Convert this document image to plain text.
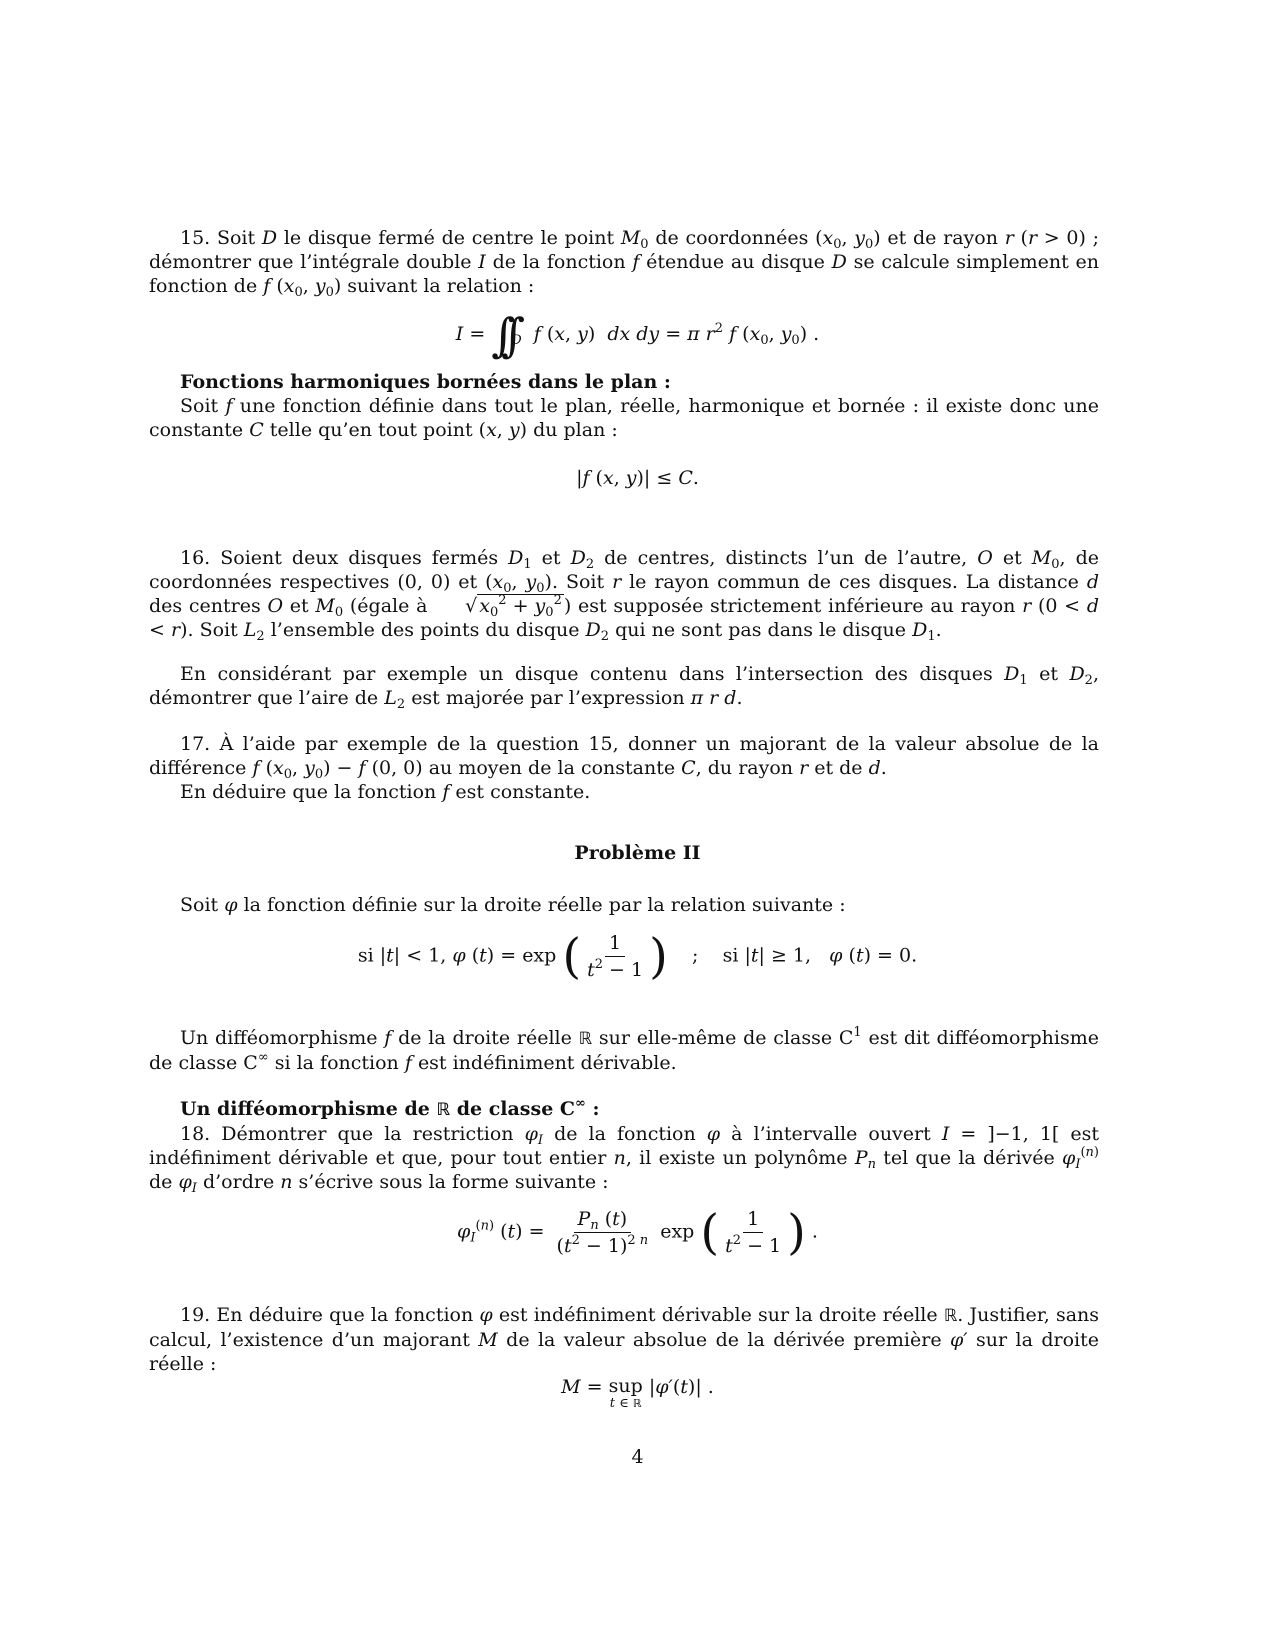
15. Soit D le disque fermé de centre le point $M_0$ de coordonnées ($x_0$, $y_0$) et de rayon r (r > 0) ; démontrer que l’intégrale double I de la fonction f étendue au disque D se calcule simplement en fonction de f ($x_0$, $y_0$) suivant la relation :

$I = \int\int_D$ f (x, y)  dx dy = π $r^2$ f ($x_0$, $y_0$) .

Fonctions harmoniques bornées dans le plan :

Soit f une fonction définie dans tout le plan, réelle, harmonique et bornée : il existe donc une constante C telle qu’en tout point (x, y) du plan :

|f (x, y)| ≤ C.

16. Soient deux disques fermés $D_1$ et $D_2$ de centres, distincts l’un de l’autre, O et $M_0$, de coordonnées respectives (0, 0) et ($x_0$, $y_0$). Soit r le rayon commun de ces disques. La distance d des centres O et $M_0$ (égale à √ $x_0^2 + y_0^2$ ) est supposée strictement inférieure au rayon r (0 < d < r). Soit $L_2$ l’ensemble des points du disque $D_2$ qui ne sont pas dans le disque $D_1$.

En considérant par exemple un disque contenu dans l’intersection des disques $D_1$ et $D_2$, démontrer que l’aire de $L_2$ est majorée par l’expression π r d.

17. À l’aide par exemple de la question 15, donner un majorant de la valeur absolue de la différence f ($x_0$, $y_0) - f$ (0, 0) au moyen de la constante C, du rayon r et de d.

En déduire que la fonction f est constante.

Problème II

Soit φ la fonction définie sur la droite réelle par la relation suivante :

si |t| < 1, φ (t) = exp ( $\frac{1}{t^2 - 1}$ ) ; si |t| ≥ 1,   φ (t) = 0.

Un difféomorphisme f de la droite réelle ℝ sur elle-même de classe $C^1$ est dit difféomorphisme de classe C∞ si la fonction f est indéfiniment dérivable.

Un difféomorphisme de ℝ de classe C∞ :

18. Démontrer que la restriction $\varphi_I$ de la fonction φ à l’intervalle ouvert I = ]−1, 1[ est indéfiniment dérivable et que, pour tout entier n, il existe un polynôme $P_n$ tel que la dérivée $\varphi_I^{(n)}$ de $\varphi_I$ d’ordre n s’écrive sous la forme suivante :

$\varphi_I^{(n)}$ $(t) = \frac{P_n (t)}{(t^2 - 1)^{2 n}}$ exp ( $\frac{1}{t^2 - 1}$ ) .

19. En déduire que la fonction φ est indéfiniment dérivable sur la droite réelle ℝ. Justifier, sans calcul, l’existence d’un majorant M de la valeur absolue de la dérivée première φ′ sur la droite réelle :

M = sup
t ∈ ℝ
|φ′(t)| .
4
